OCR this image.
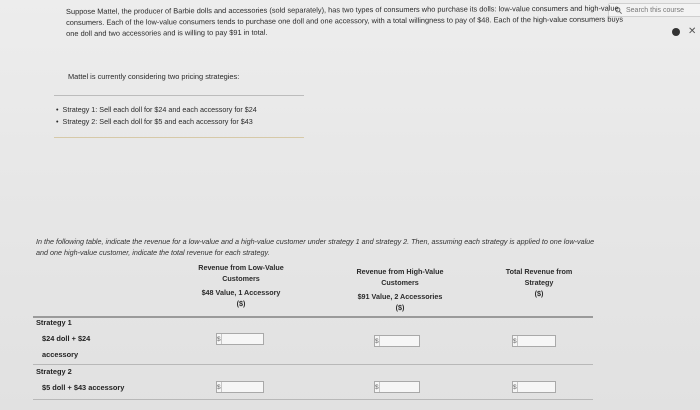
Search this course
✕

Suppose Mattel, the producer of Barbie dolls and accessories (sold separately), has two types of consumers who purchase its dolls: low-value consumers and high-value consumers. Each of the low-value consumers tends to purchase one doll and one accessory, with a total willingness to pay of $48. Each of the high-value consumers buys one doll and two accessories and is willing to pay $91 in total.

Mattel is currently considering two pricing strategies:
• Strategy 1: Sell each doll for $24 and each accessory for $24
• Strategy 2: Sell each doll for $5 and each accessory for $43
In the following table, indicate the revenue for a low-value and a high-value customer under strategy 1 and strategy 2. Then, assuming each strategy is applied to one low-value and one high-value customer, indicate the total revenue for each strategy.
Revenue from Low-Value
Customers
$48 Value, 1 Accessory
($)
Revenue from High-Value
Customers
$91 Value, 2 Accessories
($)
Total Revenue from
Strategy
($)
Strategy 1
$24 doll + $24
accessory
$	$	$
Strategy 2
$5 doll + $43 accessory	$	$	$
